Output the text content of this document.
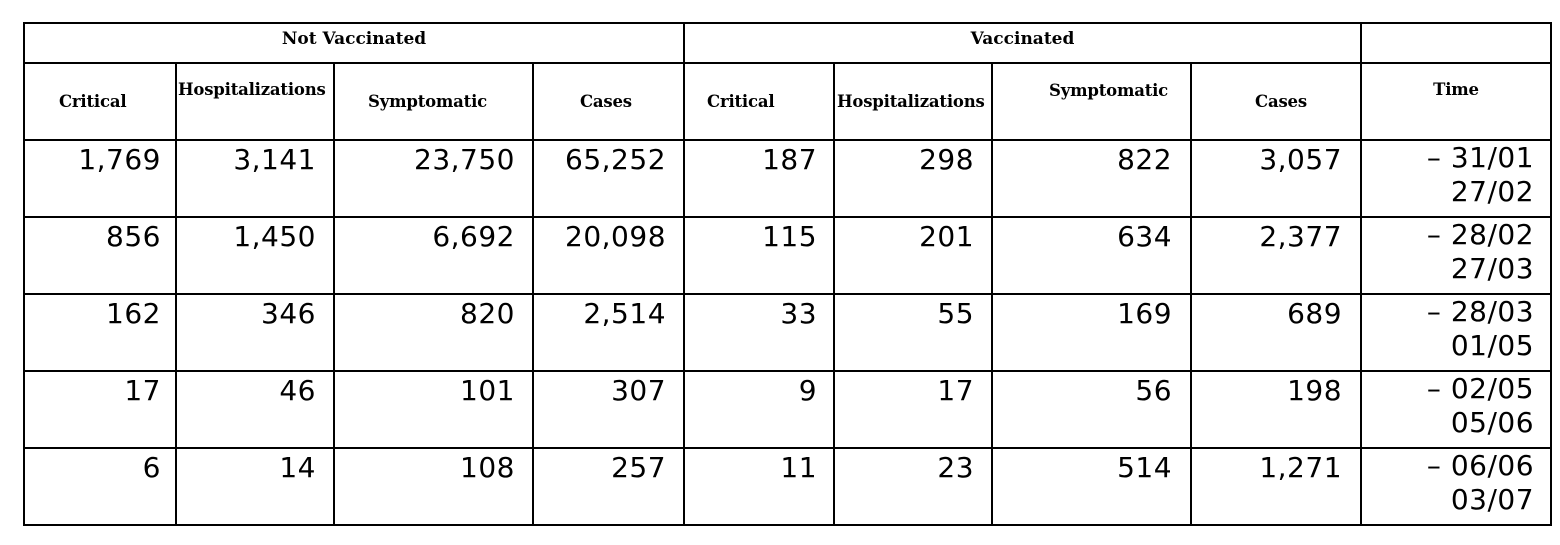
Not Vaccinated				Vaccinated				
Critical	Hospitalizations	Symptomatic	Cases	Critical	Hospitalizations	Symptomatic	Cases	Time
1,769	3,141	23,750	65,252	187	298	822	3,057	– 31/01
27/02

856	1,450	6,692	20,098	115	201	634	2,377	– 28/02
27/03

162	346	820	2,514	33	55	169	689	– 28/03
01/05

17	46	101	307	9	17	56	198	– 02/05
05/06

6	14	108	257	11	23	514	1,271	– 06/06
03/07
